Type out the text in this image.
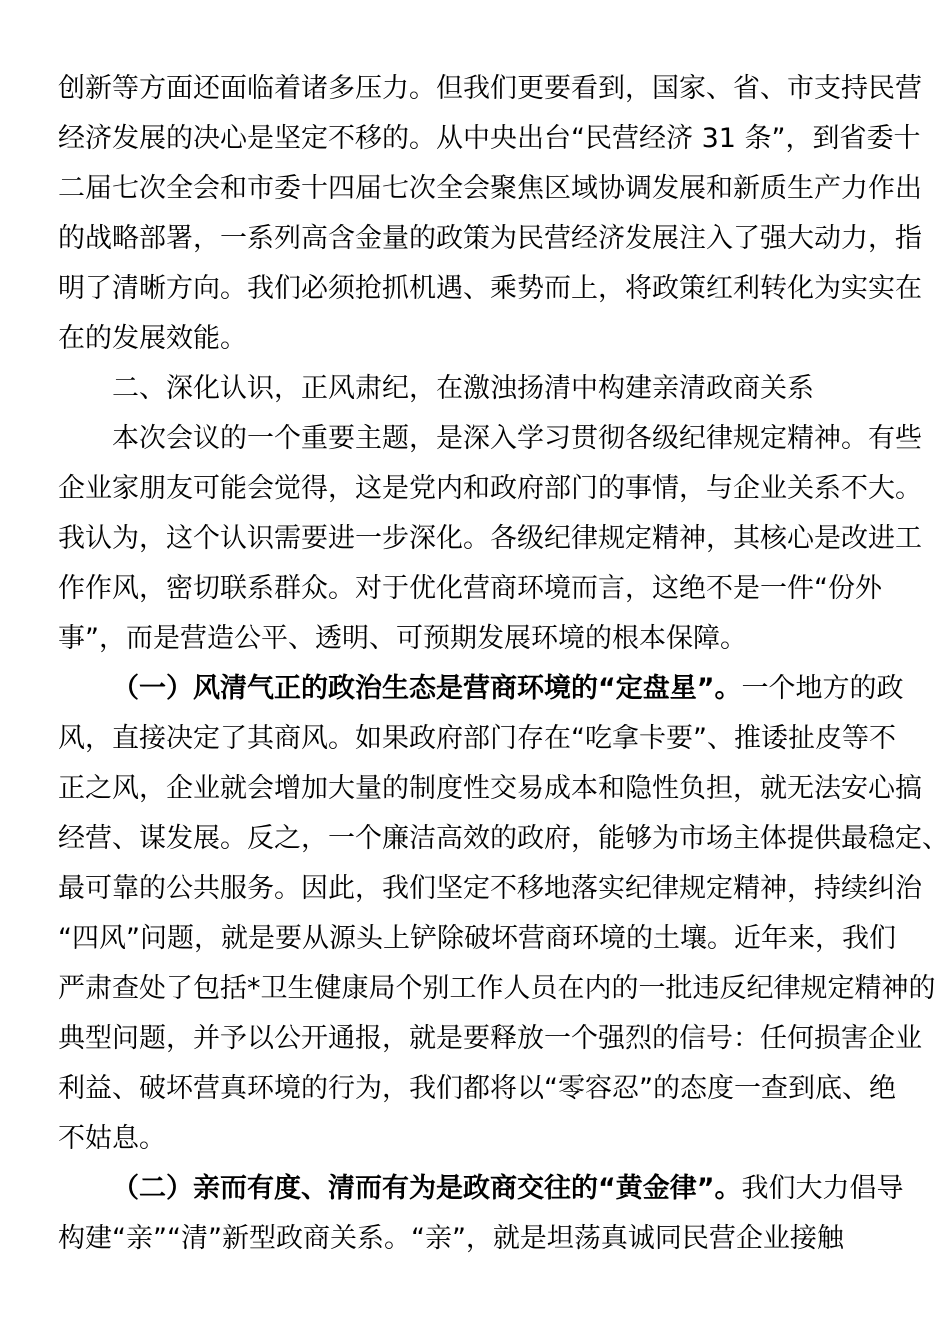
创新等方面还面临着诸多压力。但我们更要看到，国家、省、市支持民营
经济发展的决心是坚定不移的。从中央出台“民营经济 31 条”，到省委十
二届七次全会和市委十四届七次全会聚焦区域协调发展和新质生产力作出
的战略部署，一系列高含金量的政策为民营经济发展注入了强大动力，指
明了清晰方向。我们必须抢抓机遇、乘势而上，将政策红利转化为实实在
在的发展效能。
二、深化认识，正风肃纪，在激浊扬清中构建亲清政商关系
本次会议的一个重要主题，是深入学习贯彻各级纪律规定精神。有些
企业家朋友可能会觉得，这是党内和政府部门的事情，与企业关系不大。
我认为，这个认识需要进一步深化。各级纪律规定精神，其核心是改进工
作作风，密切联系群众。对于优化营商环境而言，这绝不是一件“份外
事”，而是营造公平、透明、可预期发展环境的根本保障。
（一）风清气正的政治生态是营商环境的“定盘星”。一个地方的政
风，直接决定了其商风。如果政府部门存在“吃拿卡要”、推诿扯皮等不
正之风，企业就会增加大量的制度性交易成本和隐性负担，就无法安心搞
经营、谋发展。反之，一个廉洁高效的政府，能够为市场主体提供最稳定、
最可靠的公共服务。因此，我们坚定不移地落实纪律规定精神，持续纠治
“四风”问题，就是要从源头上铲除破坏营商环境的土壤。近年来，我们
严肃查处了包括*卫生健康局个别工作人员在内的一批违反纪律规定精神的
典型问题，并予以公开通报，就是要释放一个强烈的信号：任何损害企业
利益、破坏营真环境的行为，我们都将以“零容忍”的态度一查到底、绝
不姑息。
（二）亲而有度、清而有为是政商交往的“黄金律”。我们大力倡导
构建“亲”“清”新型政商关系。“亲”，就是坦荡真诚同民营企业接触
